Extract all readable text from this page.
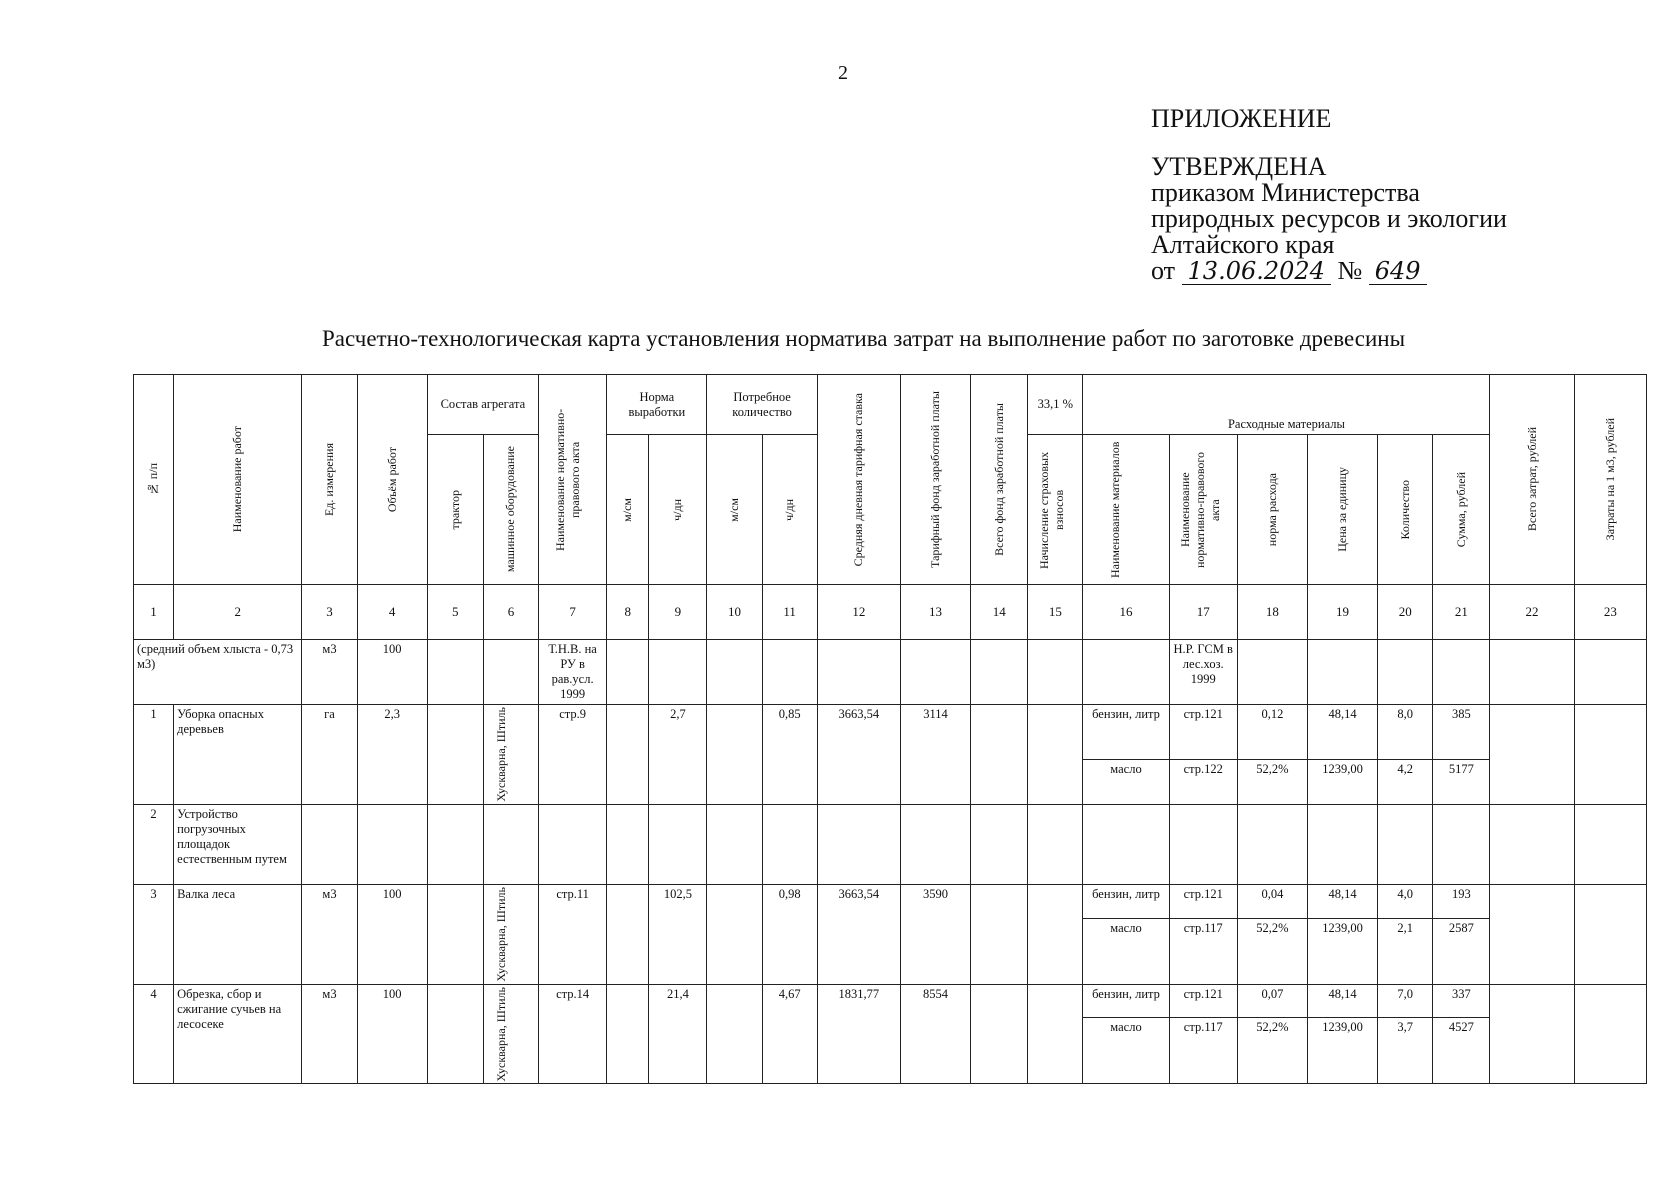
2
ПРИЛОЖЕНИЕ
УТВЕРЖДЕНА
приказом Министерства
природных ресурсов и экологии
Алтайского края
от 13.06.2024 № 649
Расчетно-технологическая карта установления норматива затрат на выполнение работ по заготовке древесины
№ п/п	Наименование работ	Ед. измерения	Объём работ	Состав агрегата		Наименование нормативно-правового акта	Норма выработки		Потребное количество		Средняя дневная тарифная ставка	Тарифный фонд заработной платы	Всего фонд заработной платы	33,1 %	Расходные материалы						Всего затрат, рублей	Затраты на 1 м3, рублей

				трактор	машинное оборудование		м/см	ч/дн	м/см	ч/дн				Начисление страховых взносов	Наименование материалов	Наименование нормативно-правового акта	норма расхода	Цена за единицу	Количество	Сумма, рублей		

1	2	3	4	5	6	7	8	9	10	11	12	13	14	15	16	17	18	19	20	21	22	23
(средний объем хлыста - 0,73 м3)		м3	100			Т.Н.В. на РУ в рав.усл. 1999										Н.Р. ГСМ в лес.хоз. 1999						
1	Уборка опасных деревьев	га	2,3		Хускварна, Штиль	стр.9		2,7		0,85	3663,54	3114			бензин, литр	стр.121	0,12	48,14	8,0	385		
															масло	стр.122	52,2%	1239,00	4,2	5177		
2	Устройство погрузочных площадок естественным путем																					
3	Валка леса	м3	100		Хускварна, Штиль	стр.11		102,5		0,98	3663,54	3590			бензин, литр	стр.121	0,04	48,14	4,0	193		
															масло	стр.117	52,2%	1239,00	2,1	2587		
4	Обрезка, сбор и сжигание сучьев на лесосеке	м3	100		Хускварна, Штиль	стр.14		21,4		4,67	1831,77	8554			бензин, литр	стр.121	0,07	48,14	7,0	337		
															масло	стр.117	52,2%	1239,00	3,7	4527		
